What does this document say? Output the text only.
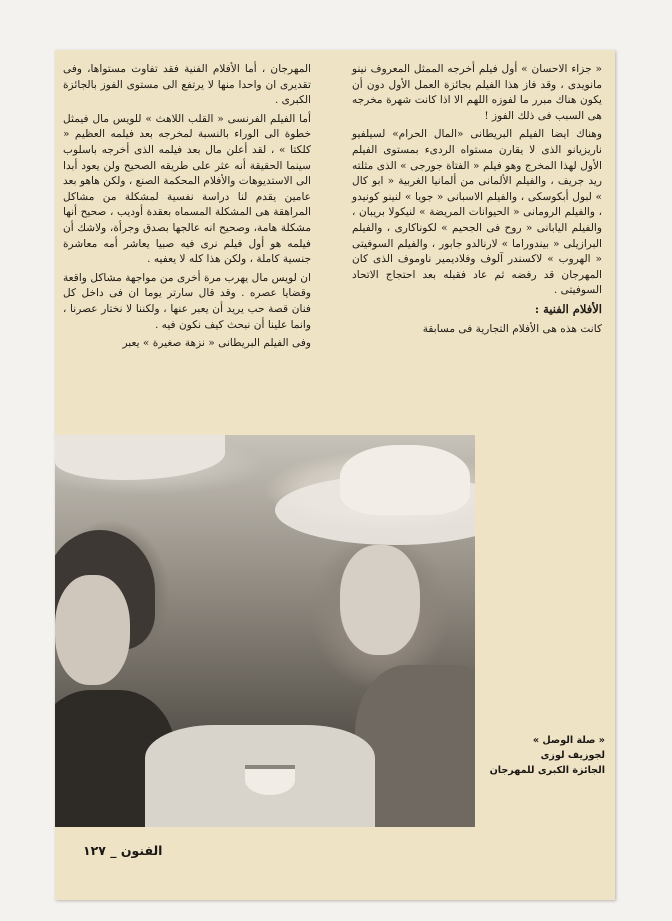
« جزاء الاحسان » أول فيلم أخرجه الممثل المعروف نينو مانويدى ، وقد فاز هذا الفيلم بجائزة العمل الأول دون أن يكون هناك مبرر ما لفوزه اللهم الا اذا كانت شهرة مخرجه هى السبب فى ذلك الفوز !

وهناك ايضا الفيلم البريطانى «المال الحرام» لسيلفيو ناريزيانو الذى لا يقارن مستواه الردىء بمستوى الفيلم الأول لهذا المخرج وهو فيلم « الفتاة جورجى » الذى مثلته ريد جريف ، والفيلم الألمانى من ألمانيا الغربية « ابو كال » لبول أبكوسكى ، والفيلم الاسبانى « جويا » لنينو كونيدو ، والفيلم الرومانى « الحيوانات المريضة » لنيكولا بريبان ، والفيلم اليابانى « روح فى الجحيم » لكوناكارى ، والفيلم البرازيلى « بيندوراما » لارنالدو جابور ، والفيلم السوفيتى « الهروب » لاكسندر آلوف وفلاديمير ناوموف الذى كان المهرجان قد رفضه ثم عاد فقبله بعد احتجاج الاتحاد السوفيتى .

الأفلام الفنية :

كانت هذه هى الأفلام التجارية فى مسابقة

المهرجان ، أما الأفلام الفنية فقد تفاوت مستواها، وفى تقديرى ان واحدا منها لا يرتفع الى مستوى الفوز بالجائزة الكبرى .

أما الفيلم الفرنسى « القلب اللاهث » للويس مال فيمثل خطوة الى الوراء بالنسبة لمخرجه بعد فيلمه العظيم « كلكتا » ، لقد أعلن مال بعد فيلمه الذى أخرجه باسلوب سينما الحقيقة أنه عثر على طريقه الصحيح ولن يعود أبدا الى الاستديوهات والأفلام المحكمة الصنع ، ولكن هاهو بعد عامين يقدم لنا دراسة نفسية لمشكلة من مشاكل المراهقة هى المشكلة المسماه بعقدة أوديب ، صحيح أنها مشكلة هامة، وصحيح انه عالجها بصدق وجرأة، ولاشك أن فيلمه هو أول فيلم نرى فيه صبيا يعاشر أمه معاشرة جنسية كاملة ، ولكن هذا كله لا يعفيه .

ان لويس مال يهرب مرة أخرى من مواجهة مشاكل واقعة وقضايا عصره . وقد قال سارتر يوما ان فى داخل كل فنان قصة حب يريد أن يعبر عنها ، ولكننا لا نختار عصرنا ، وانما علينا أن نبحث كيف نكون فيه .

وفى الفيلم البريطانى « نزهة صغيرة » يعبر

« صلة الوصل »
لجوزيف لوزى
الجائزة الكبرى للمهرجان
الفنون _ ١٢٧
